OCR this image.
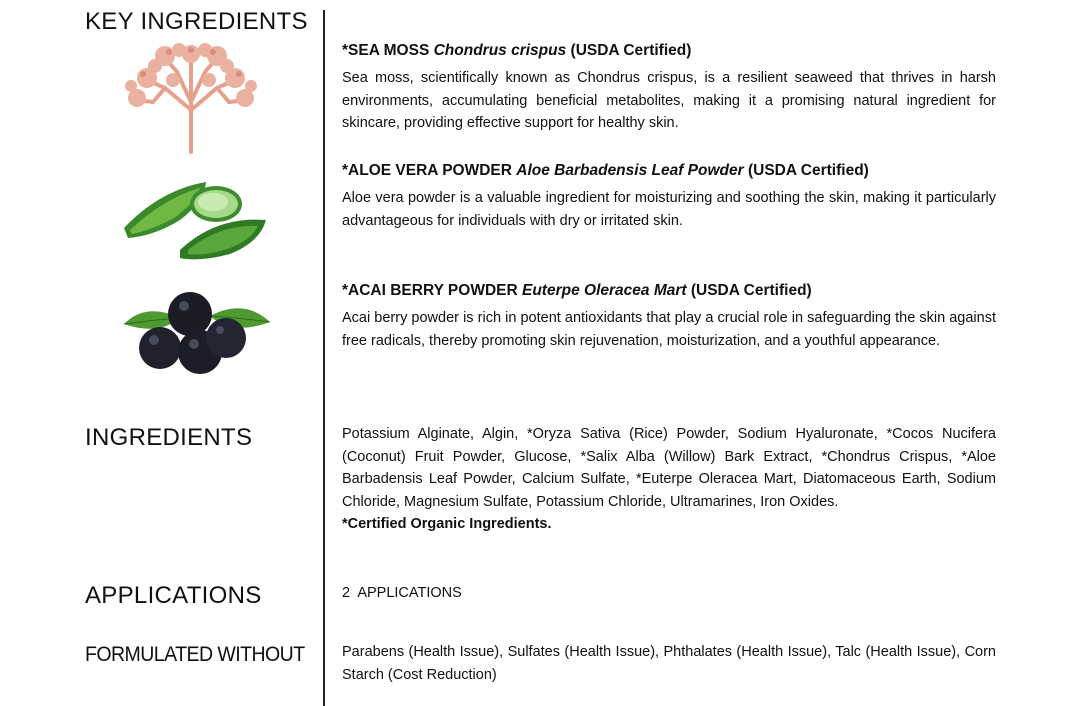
KEY INGREDIENTS
INGREDIENTS
APPLICATIONS
FORMULATED WITHOUT
*SEA MOSS Chondrus crispus (USDA Certified)

Sea moss, scientifically known as Chondrus crispus, is a resilient seaweed that thrives in harsh environments, accumulating beneficial metabolites, making it a promising natural ingredient for skincare, providing effective support for healthy skin.

*ALOE VERA POWDER Aloe Barbadensis Leaf Powder (USDA Certified)

Aloe vera powder is a valuable ingredient for moisturizing and soothing the skin, making it particularly advantageous for individuals with dry or irritated skin.

*ACAI BERRY POWDER Euterpe Oleracea Mart (USDA Certified)

Acai berry powder is rich in potent antioxidants that play a crucial role in safeguarding the skin against free radicals, thereby promoting skin rejuvenation, moisturization, and a youthful appearance.

Potassium Alginate, Algin, *Oryza Sativa (Rice) Powder, Sodium Hyaluronate, *Cocos Nucifera (Coconut) Fruit Powder, Glucose, *Salix Alba (Willow) Bark Extract, *Chondrus Crispus, *Aloe Barbadensis Leaf Powder, Calcium Sulfate, *Euterpe Oleracea Mart, Diatomaceous Earth, Sodium Chloride, Magnesium Sulfate, Potassium Chloride, Ultramarines, Iron Oxides.

*Certified Organic Ingredients.

2  APPLICATIONS

Parabens (Health Issue), Sulfates (Health Issue), Phthalates (Health Issue), Talc (Health Issue), Corn Starch (Cost Reduction)
